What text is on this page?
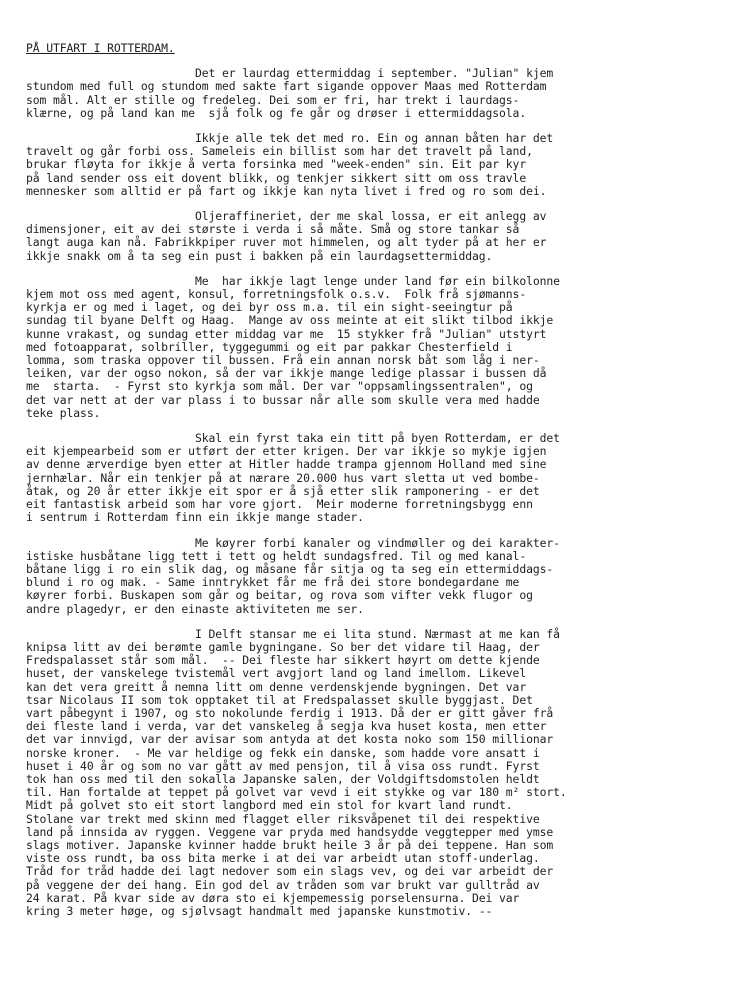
PÅ UTFART I ROTTERDAM.
Det er laurdag ettermiddag i september. "Julian" kjem
stundom med full og stundom med sakte fart sigande oppover Maas med Rotterdam
som mål. Alt er stille og fredeleg. Dei som er fri, har trekt i laurdags-
klærne, og på land kan me  sjå folk og fe går og drøser i ettermiddagsola.
Ikkje alle tek det med ro. Ein og annan båten har det
travelt og går forbi oss. Sameleis ein billist som har det travelt på land,
brukar fløyta for ikkje å verta forsinka med "week-enden" sin. Eit par kyr
på land sender oss eit dovent blikk, og tenkjer sikkert sitt om oss travle
mennesker som alltid er på fart og ikkje kan nyta livet i fred og ro som dei.
Oljeraffineriet, der me skal lossa, er eit anlegg av
dimensjoner, eit av dei største i verda i så måte. Små og store tankar så
langt auga kan nå. Fabrikkpiper ruver mot himmelen, og alt tyder på at her er
ikkje snakk om å ta seg ein pust i bakken på ein laurdagsettermiddag.
Me  har ikkje lagt lenge under land før ein bilkolonne
kjem mot oss med agent, konsul, forretningsfolk o.s.v.  Folk frå sjømanns-
kyrkja er og med i laget, og dei byr oss m.a. til ein sight-seeingtur på
sundag til byane Delft og Haag.  Mange av oss meinte at eit slikt tilbod ikkje
kunne vrakast, og sundag etter middag var me  15 stykker frå "Julian" utstyrt
med fotoapparat, solbriller, tyggegummi og eit par pakkar Chesterfield i
lomma, som traska oppover til bussen. Frå ein annan norsk båt som låg i ner-
leiken, var der ogso nokon, så der var ikkje mange ledige plassar i bussen då
me  starta.  - Fyrst sto kyrkja som mål. Der var "oppsamlingssentralen", og
det var nett at der var plass i to bussar når alle som skulle vera med hadde
teke plass.
Skal ein fyrst taka ein titt på byen Rotterdam, er det
eit kjempearbeid som er utført der etter krigen. Der var ikkje so mykje igjen
av denne ærverdige byen etter at Hitler hadde trampa gjennom Holland med sine
jernhælar. Når ein tenkjer på at nærare 20.000 hus vart sletta ut ved bombe-
åtak, og 20 år etter ikkje eit spor er å sjå etter slik ramponering - er det
eit fantastisk arbeid som har vore gjort.  Meir moderne forretningsbygg enn
i sentrum i Rotterdam finn ein ikkje mange stader.
Me køyrer forbi kanaler og vindmøller og dei karakter-
istiske husbåtane ligg tett i tett og heldt sundagsfred. Til og med kanal-
båtane ligg i ro ein slik dag, og måsane får sitja og ta seg ein ettermiddags-
blund i ro og mak. - Same inntrykket får me frå dei store bondegardane me
køyrer forbi. Buskapen som går og beitar, og rova som vifter vekk flugor og
andre plagedyr, er den einaste aktiviteten me ser.
I Delft stansar me ei lita stund. Nærmast at me kan få
knipsa litt av dei berømte gamle bygningane. So ber det vidare til Haag, der
Fredspalasset står som mål.  -- Dei fleste har sikkert høyrt om dette kjende
huset, der vanskelege tvistemål vert avgjort land og land imellom. Likevel
kan det vera greitt å nemna litt om denne verdenskjende bygningen. Det var
tsar Nicolaus II som tok opptaket til at Fredspalasset skulle byggjast. Det
vart påbegynt i 1907, og sto nokolunde ferdig i 1913. Då der er gitt gåver frå
dei fleste land i verda, var det vanskeleg å segja kva huset kosta, men etter
det var innvigd, var der avisar som antyda at det kosta noko som 150 millionar
norske kroner.  - Me var heldige og fekk ein danske, som hadde vore ansatt i
huset i 40 år og som no var gått av med pensjon, til å visa oss rundt. Fyrst
tok han oss med til den sokalla Japanske salen, der Voldgiftsdomstolen heldt
til. Han fortalde at teppet på golvet var vevd i eit stykke og var 180 m² stort.
Midt på golvet sto eit stort langbord med ein stol for kvart land rundt.
Stolane var trekt med skinn med flagget eller riksvåpenet til dei respektive
land på innsida av ryggen. Veggene var pryda med handsydde veggtepper med ymse
slags motiver. Japanske kvinner hadde brukt heile 3 år på dei teppene. Han som
viste oss rundt, ba oss bita merke i at dei var arbeidt utan stoff-underlag.
Tråd for tråd hadde dei lagt nedover som ein slags vev, og dei var arbeidt der
på veggene der dei hang. Ein god del av tråden som var brukt var gulltråd av
24 karat. På kvar side av døra sto ei kjempemessig porselensurna. Dei var
kring 3 meter høge, og sjølvsagt handmalt med japanske kunstmotiv. --
